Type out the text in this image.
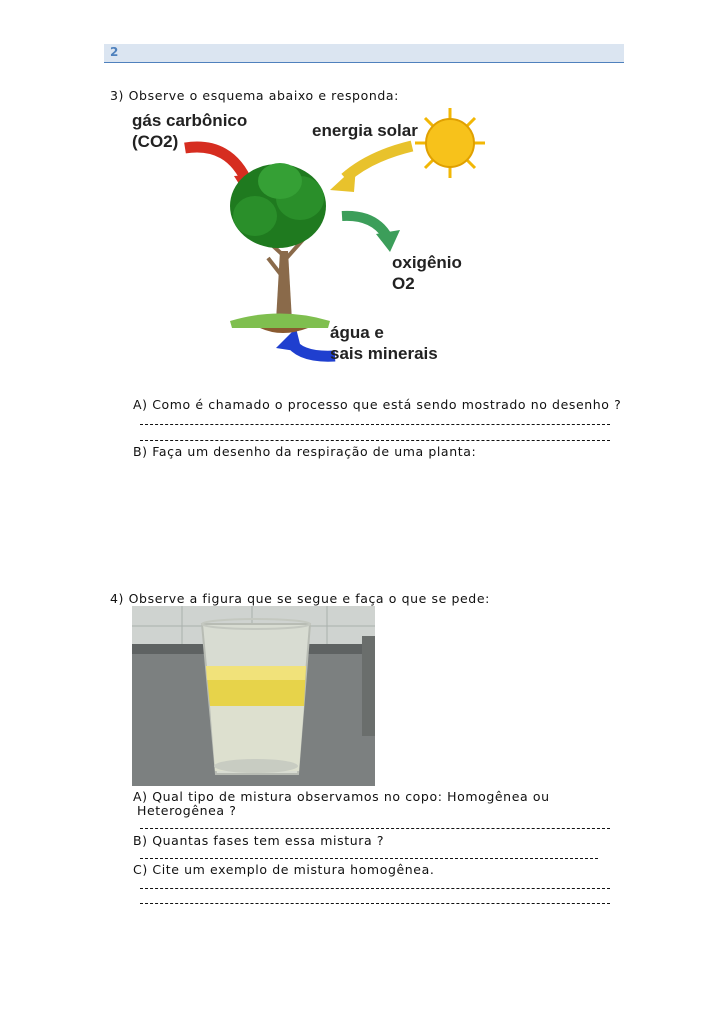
2
3) Observe o esquema abaixo e responda:
gás carbônico
(CO2)
energia solar
oxigênio
O2
água e
sais minerais
A) Como é chamado o processo que está sendo mostrado no desenho ?
B) Faça um desenho da respiração de uma planta:
4) Observe a figura que se segue e faça o que se pede:
A) Qual tipo de mistura observamos no copo: Homogênea ou
Heterogênea ?
B) Quantas fases tem essa mistura ?
C) Cite um exemplo de mistura homogênea.
